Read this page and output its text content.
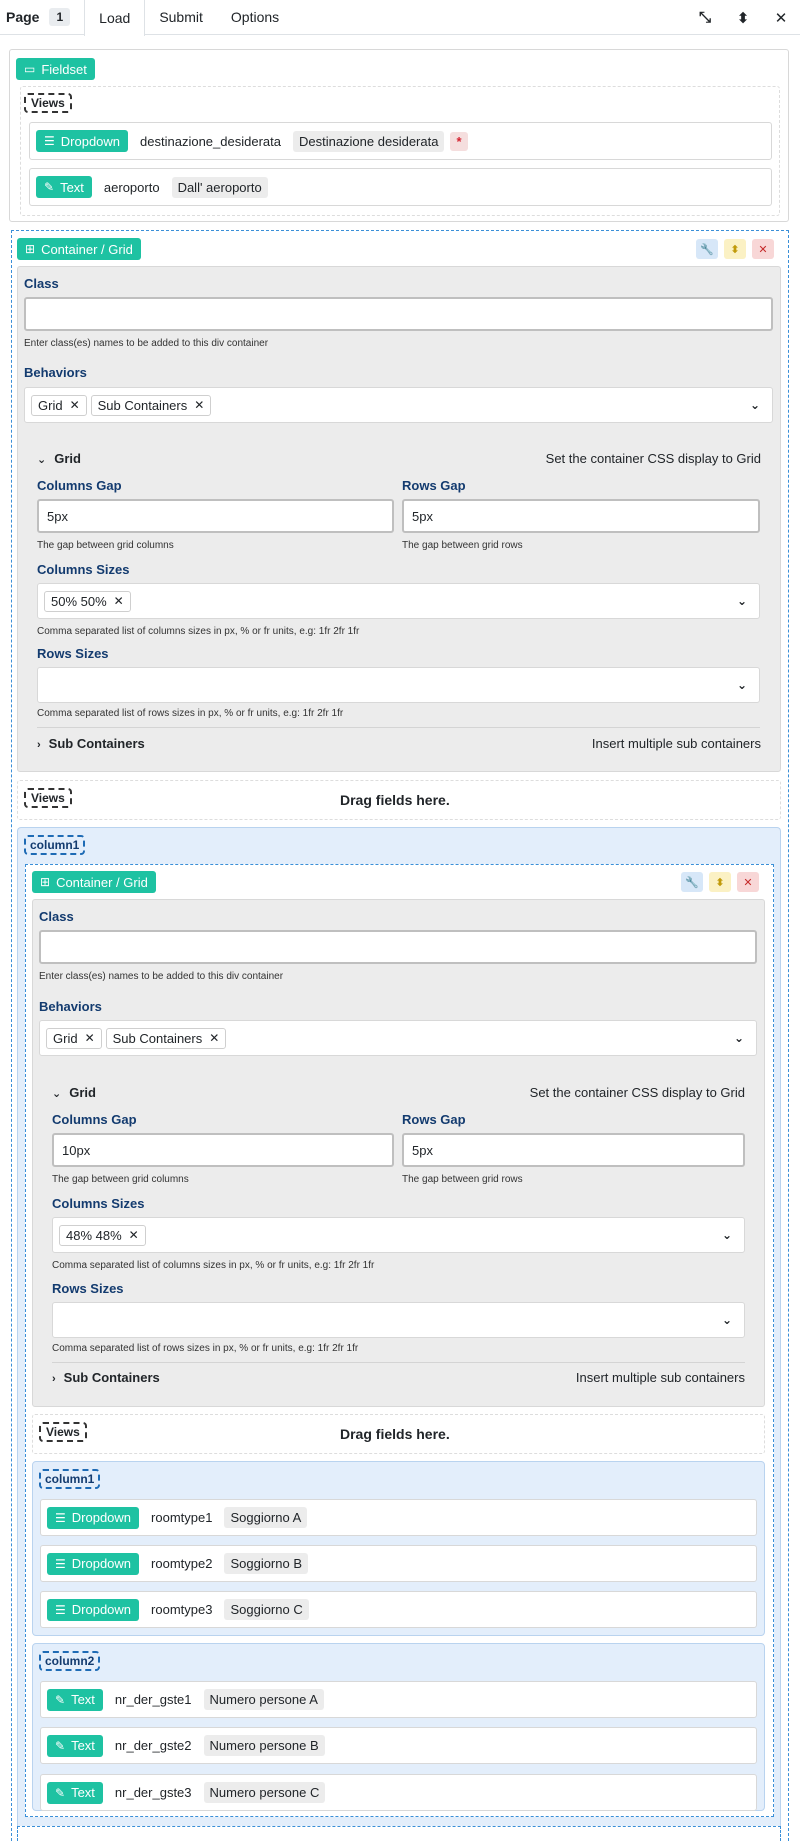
Page	1	Load	Submit	Options	⤡	⬍	✕
▭ Fieldset
Views
☰ Dropdown	destinazione_desiderata	Destinazione desiderata	*
✎ Text	aeroporto	Dall' aeroporto
⊞ Container / Grid	🔧	⬍	✕
Class
Enter class(es) names to be added to this div container
Behaviors
Grid ✕ Sub Containers ✕	⌄
⌄ Grid	Set the container CSS display to Grid
Columns Gap
5px
The gap between grid columns
Rows Gap
5px
The gap between grid rows
Columns Sizes
50% 50% ✕	⌄
Comma separated list of columns sizes in px, % or fr units, e.g: 1fr 2fr 1fr
Rows Sizes
⌄
Comma separated list of rows sizes in px, % or fr units, e.g: 1fr 2fr 1fr
› Sub Containers	Insert multiple sub containers
Views	Drag fields here.
column1
⊞ Container / Grid	🔧	⬍	✕
Class
Enter class(es) names to be added to this div container
Behaviors
Grid ✕ Sub Containers ✕	⌄
⌄ Grid	Set the container CSS display to Grid
Columns Gap
10px
The gap between grid columns
Rows Gap
5px
The gap between grid rows
Columns Sizes
48% 48% ✕	⌄
Comma separated list of columns sizes in px, % or fr units, e.g: 1fr 2fr 1fr
Rows Sizes
⌄
Comma separated list of rows sizes in px, % or fr units, e.g: 1fr 2fr 1fr
› Sub Containers	Insert multiple sub containers
Views	Drag fields here.
column1
☰ Dropdown	roomtype1	Soggiorno A
☰ Dropdown	roomtype2	Soggiorno B
☰ Dropdown	roomtype3	Soggiorno C
column2
✎ Text	nr_der_gste1	Numero persone A
✎ Text	nr_der_gste2	Numero persone B
✎ Text	nr_der_gste3	Numero persone C
